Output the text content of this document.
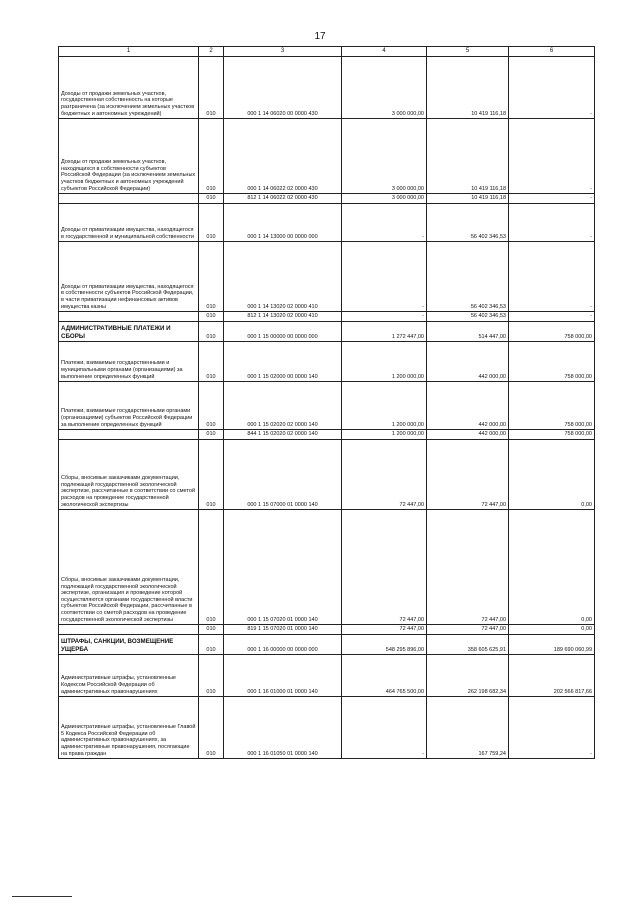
17
1	2	3	4	5	6
Доходы от продажи земельных участков, государственная собственность на которые разграничена (за исключением земельных участков бюджетных и автономных учреждений)	010	000 1 14 06020 00 0000 430	3 000 000,00	10 419 116,18	-
Доходы от продажи земельных участков, находящихся в собственности субъектов Российской Федерации (за исключением земельных участков бюджетных и автономных учреждений субъектов Российской Федерации)	010	000 1 14 06022 02 0000 430	3 000 000,00	10 419 116,18	-
	010	812 1 14 06022 02 0000 430	3 000 000,00	10 419 116,18	-
Доходы от приватизации имущества, находящегося в государственной и муниципальной собственности	010	000 1 14 13000 00 0000 000	-	56 402 346,53	-
Доходы от приватизации имущества, находящегося в собственности субъектов Российской Федерации, в части приватизации нефинансовых активов имущества казны	010	000 1 14 13020 02 0000 410	-	56 402 346,53	-
	010	812 1 14 13020 02 0000 410	-	56 402 346,53	-
АДМИНИСТРАТИВНЫЕ ПЛАТЕЖИ И СБОРЫ	010	000 1 15 00000 00 0000 000	1 272 447,00	514 447,00	758 000,00
Платежи, взимаемые государственными и муниципальными органами (организациями) за выполнение определенных функций	010	000 1 15 02000 00 0000 140	1 200 000,00	442 000,00	758 000,00
Платежи, взимаемые государственными органами (организациями) субъектов Российской Федерации за выполнение определенных функций	010	000 1 15 02020 02 0000 140	1 200 000,00	442 000,00	758 000,00
	010	844 1 15 02020 02 0000 140	1 200 000,00	442 000,00	758 000,00
Сборы, вносимые заказчиками документации, подлежащей государственной экологической экспертизе, рассчитанные в соответствии со сметой расходов на проведение государственной экологической экспертизы	010	000 1 15 07000 01 0000 140	72 447,00	72 447,00	0,00
Сборы, вносимые заказчиками документации, подлежащей государственной экологической экспертизе, организация и проведение которой осуществляются органами государственной власти субъектов Российской Федерации, рассчитанные в соответствии со сметой расходов на проведение государственной экологической экспертизы	010	000 1 15 07020 01 0000 140	72 447,00	72 447,00	0,00
	010	819 1 15 07020 01 0000 140	72 447,00	72 447,00	0,00
ШТРАФЫ, САНКЦИИ, ВОЗМЕЩЕНИЕ УЩЕРБА	010	000 1 16 00000 00 0000 000	548 295 896,00	358 605 625,91	189 690 060,99
Административные штрафы, установленные Кодексом Российской Федерации об административных правонарушениях	010	000 1 16 01000 01 0000 140	464 765 500,00	262 198 682,34	202 566 817,66
Административные штрафы, установленные Главой 5 Кодекса Российской Федерации об административных правонарушениях, за административные правонарушения, посягающие на права граждан	010	000 1 16 01050 01 0000 140	-	167 759,24	-
